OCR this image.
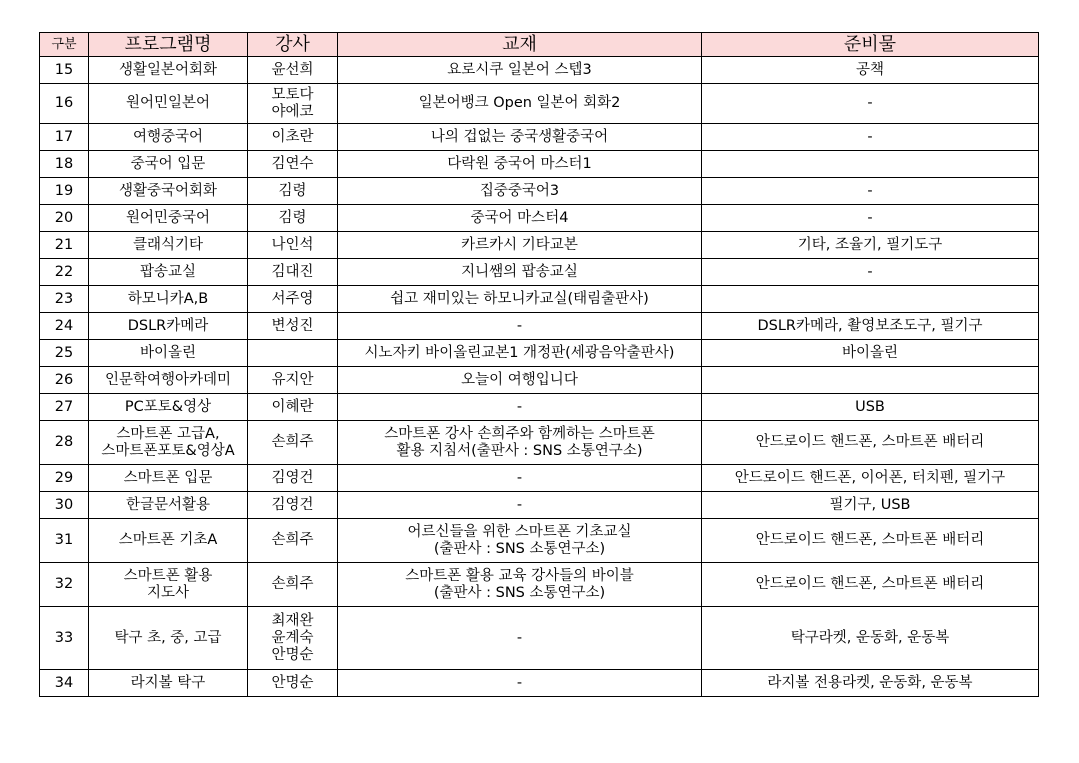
구분	프로그램명	강사	교재	준비물
15	생활일본어회화	윤선희	요로시쿠 일본어 스텝3	공책

16	원어민일본어	모토다
야에코	일본어뱅크 Open 일본어 회화2	-

17	여행중국어	이초란	나의 겁없는 중국생활중국어	-

18	중국어 입문	김연수	다락원 중국어 마스터1	

19	생활중국어회화	김령	집중중국어3	-

20	원어민중국어	김령	중국어 마스터4	-

21	클래식기타	나인석	카르카시 기타교본	기타, 조율기, 필기도구

22	팝송교실	김대진	지니쌤의 팝송교실	-

23	하모니카A,B	서주영	쉽고 재미있는 하모니카교실(태림출판사)	

24	DSLR카메라	변성진	-	DSLR카메라, 촬영보조도구, 필기구

25	바이올린		시노자키 바이올린교본1 개정판(세광음악출판사)	바이올린

26	인문학여행아카데미	유지안	오늘이 여행입니다	

27	PC포토&영상	이혜란	-	USB

28	스마트폰 고급A,
스마트폰포토&영상A	손희주	스마트폰 강사 손희주와 함께하는 스마트폰
활용 지침서(출판사 : SNS 소통연구소)	안드로이드 핸드폰, 스마트폰 배터리

29	스마트폰 입문	김영건	-	안드로이드 핸드폰, 이어폰, 터치펜, 필기구

30	한글문서활용	김영건	-	필기구, USB

31	스마트폰 기초A	손희주	어르신들을 위한 스마트폰 기초교실
(출판사 : SNS 소통연구소)	안드로이드 핸드폰, 스마트폰 배터리

32	스마트폰 활용
지도사	손희주	스마트폰 활용 교육 강사들의 바이블
(출판사 : SNS 소통연구소)	안드로이드 핸드폰, 스마트폰 배터리

33	탁구 초, 중, 고급	최재완
윤계숙
안명순	-	탁구라켓, 운동화, 운동복

34	라지볼 탁구	안명순	-	라지볼 전용라켓, 운동화, 운동복
